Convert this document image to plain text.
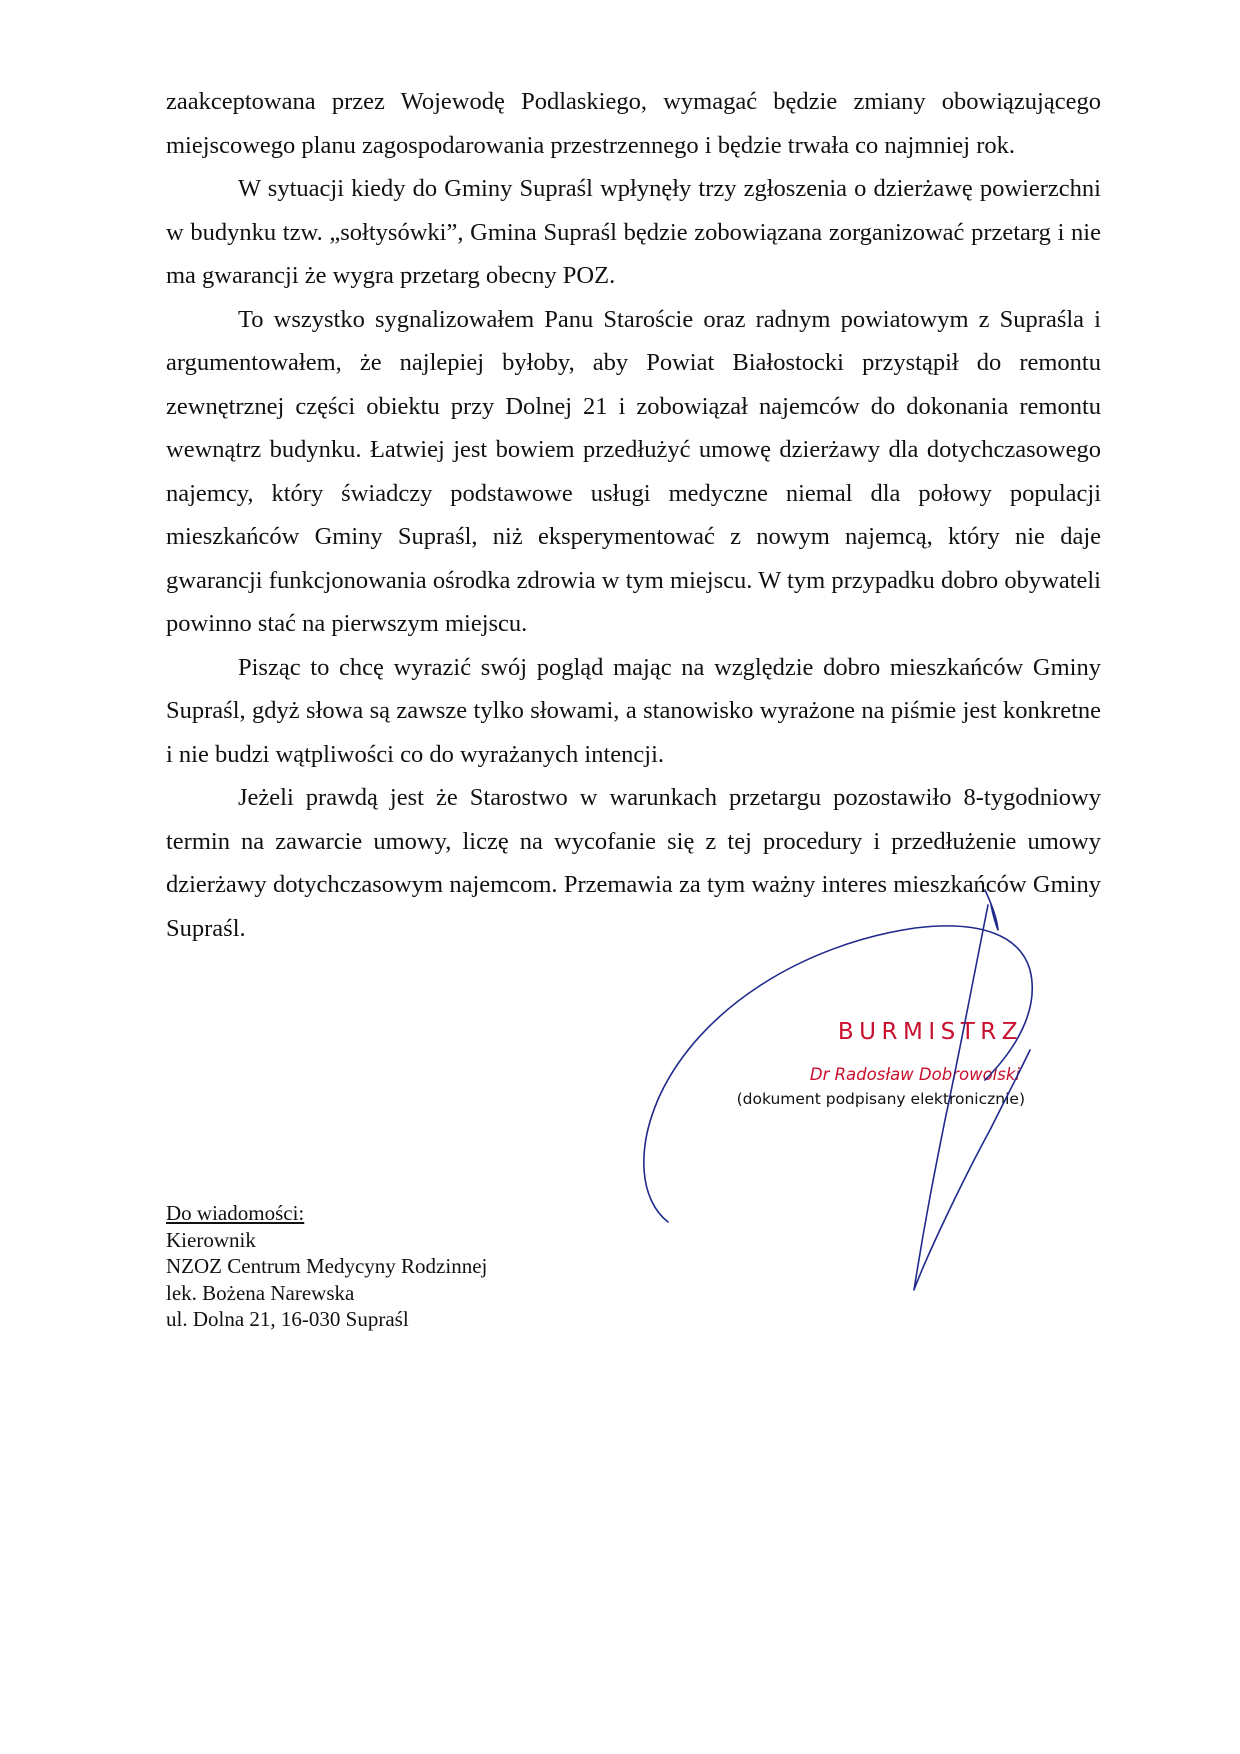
zaakceptowana przez Wojewodę Podlaskiego, wymagać będzie zmiany obowiązującego miejscowego planu zagospodarowania przestrzennego i będzie trwała co najmniej rok.

W sytuacji kiedy do Gminy Supraśl wpłynęły trzy zgłoszenia o dzierżawę powierzchni w budynku tzw. „sołtysówki”, Gmina Supraśl będzie zobowiązana zorganizować przetarg i nie ma gwarancji że wygra przetarg obecny POZ.

To wszystko sygnalizowałem Panu Staroście oraz radnym powiatowym z Supraśla i argumentowałem, że najlepiej byłoby, aby Powiat Białostocki przystąpił do remontu zewnętrznej części obiektu przy Dolnej 21 i zobowiązał najemców do dokonania remontu wewnątrz budynku. Łatwiej jest bowiem przedłużyć umowę dzierżawy dla dotychczasowego najemcy, który świadczy podstawowe usługi medyczne niemal dla połowy populacji mieszkańców Gminy Supraśl, niż eksperymentować z nowym najemcą, który nie daje gwarancji funkcjonowania ośrodka zdrowia w tym miejscu. W tym przypadku dobro obywateli powinno stać na pierwszym miejscu.

Pisząc to chcę wyrazić swój pogląd mając na względzie dobro mieszkańców Gminy Supraśl, gdyż słowa są zawsze tylko słowami, a stanowisko wyrażone na piśmie jest konkretne i nie budzi wątpliwości co do wyrażanych intencji.

Jeżeli prawdą jest że Starostwo w warunkach przetargu pozostawiło 8-tygodniowy termin na zawarcie umowy, liczę na wycofanie się z tej procedury i przedłużenie umowy dzierżawy dotychczasowym najemcom. Przemawia za tym ważny interes mieszkańców Gminy Supraśl.

BURMISTRZ
Dr Radosław Dobrowolski
(dokument podpisany elektronicznie)
Do wiadomości:
Kierownik
NZOZ Centrum Medycyny Rodzinnej
lek. Bożena Narewska
ul. Dolna 21, 16-030 Supraśl
